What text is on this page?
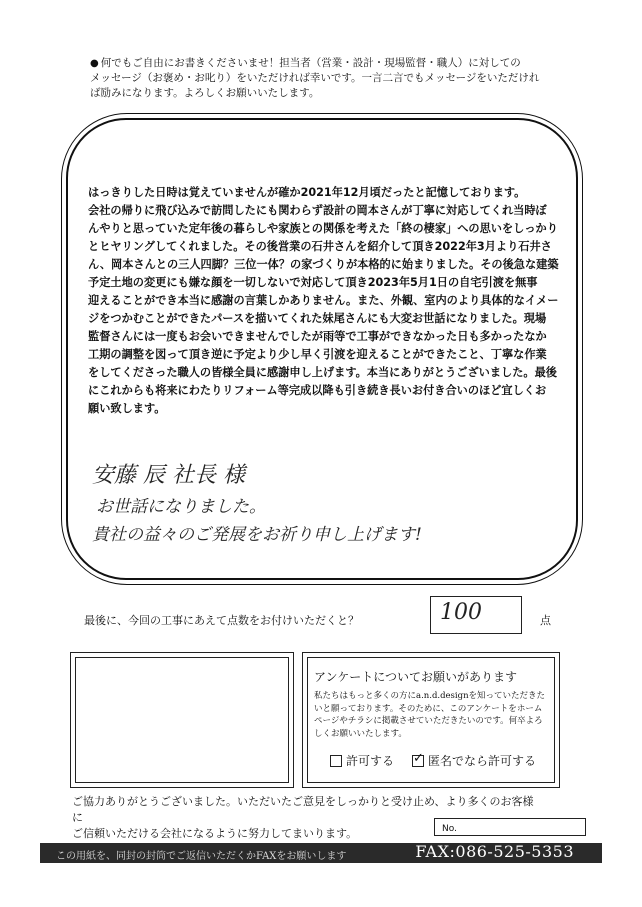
● 何でもご自由にお書きくださいませ！担当者（営業・設計・現場監督・職人）に対しての
メッセージ（お褒め・お叱り）をいただければ幸いです。一言二言でもメッセージをいただけれ
ば励みになります。よろしくお願いいたします。

はっきりした日時は覚えていませんが確か2021年12月頃だったと記憶しております。

会社の帰りに飛び込みで訪問したにも関わらず設計の岡本さんが丁寧に対応してくれ当時ぼ

んやりと思っていた定年後の暮らしや家族との関係を考えた「終の棲家」への思いをしっかり

とヒヤリングしてくれました。その後営業の石井さんを紹介して頂き2022年3月より石井さ

ん、岡本さんとの三人四脚？三位一体？の家づくりが本格的に始まりました。その後急な建築

予定土地の変更にも嫌な顔を一切しないで対応して頂き2023年5月1日の自宅引渡を無事

迎えることができ本当に感謝の言葉しかありません。また、外観、室内のより具体的なイメー

ジをつかむことができたパースを描いてくれた妹尾さんにも大変お世話になりました。現場

監督さんには一度もお会いできませんでしたが雨等で工事ができなかった日も多かったなか

工期の調整を図って頂き逆に予定より少し早く引渡を迎えることができたこと、丁寧な作業

をしてくださった職人の皆様全員に感謝申し上げます。本当にありがとうございました。最後

にこれからも将来にわたりリフォーム等完成以降も引き続き長いお付き合いのほど宜しくお

願い致します。

安藤 辰 社長 様
お世話になりました。
貴社の益々のご発展をお祈り申し上げます!
最後に、今回の工事にあえて点数をお付けいただくと？	100	点
アンケートについてお願いがあります
私たちはもっと多くの方にa.n.d.designを知っていただきたいと願っております。そのために、このアンケートをホームページやチラシに掲載させていただきたいのです。何卒よろしくお願いいたします。
許可する
✓	匿名でなら許可する
ご協力ありがとうございました。いただいたご意見をしっかりと受け止め、より多くのお客様に
ご信頼いただける会社になるように努力してまいります。	No.
この用紙を、同封の封筒でご返信いただくかFAXをお願いします	FAX:086-525-5353
